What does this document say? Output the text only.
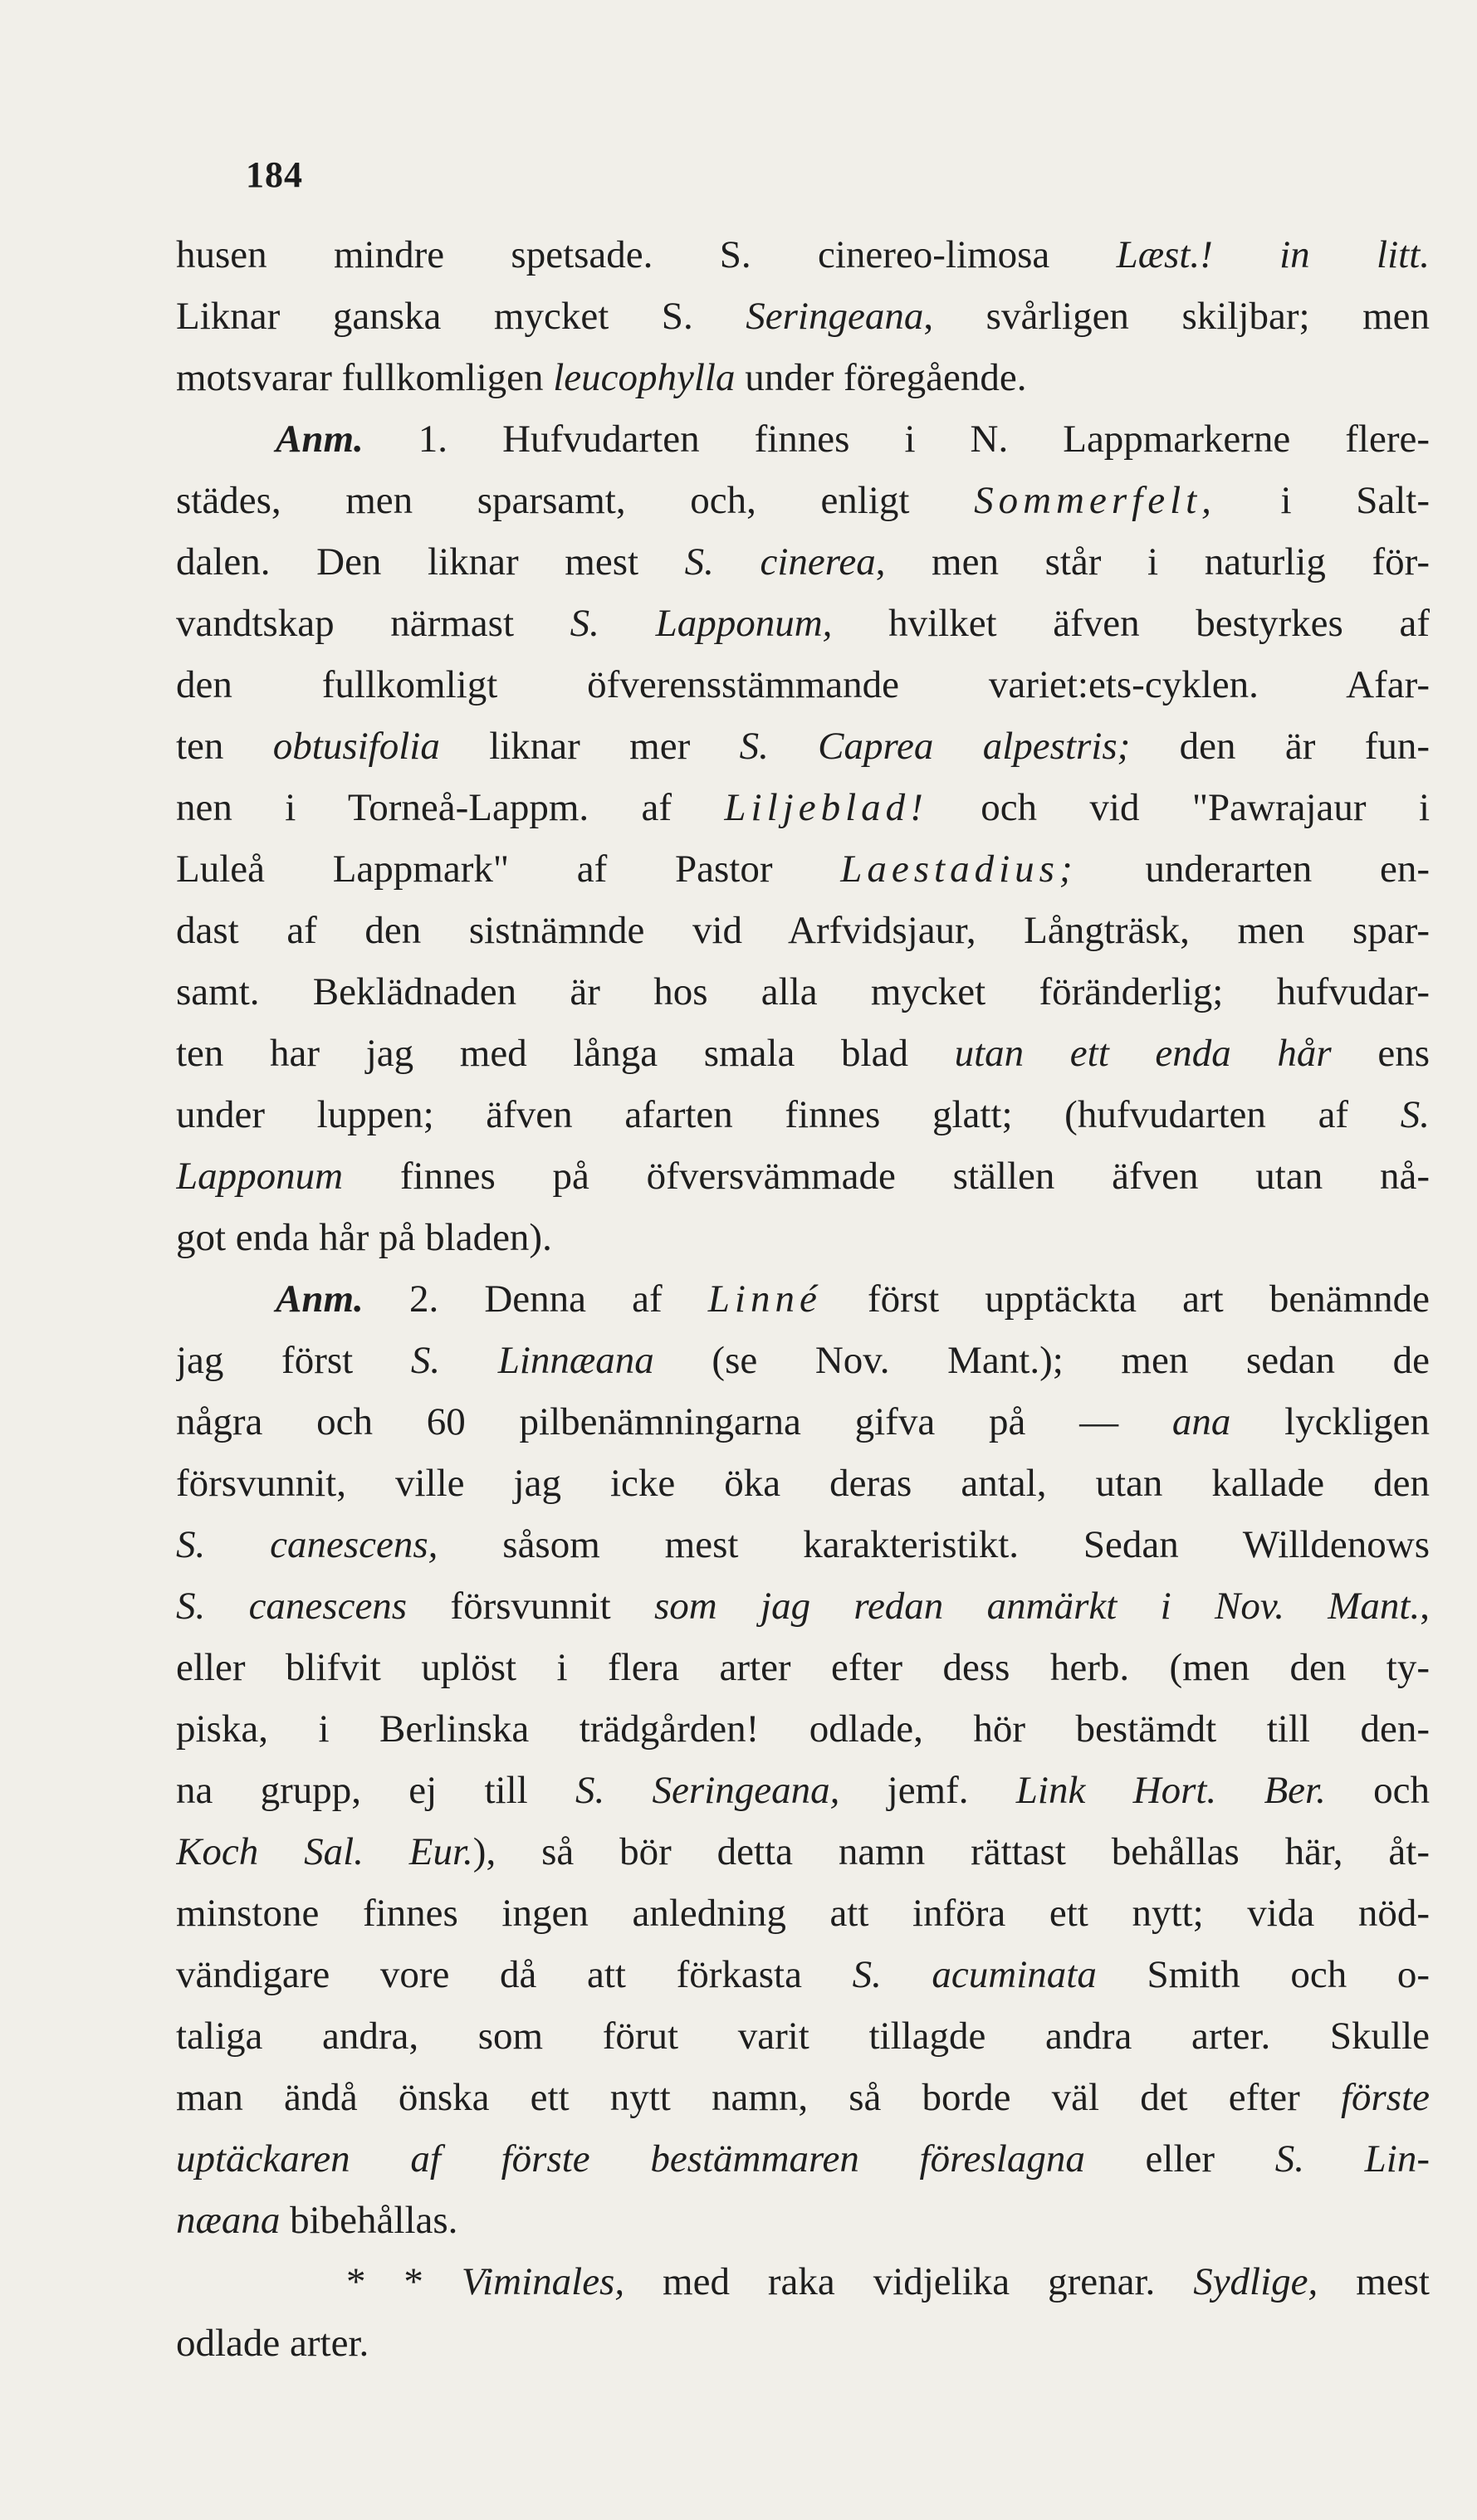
184
husen mindre spetsade. S. cinereo-limosa Læst.! in litt.
Liknar ganska mycket S. Seringeana, svårligen skiljbar; men
motsvarar fullkomligen leucophylla under föregående.
Anm. 1. Hufvudarten finnes i N. Lappmarkerne flere-
städes, men sparsamt, och, enligt Sommerfelt, i Salt-
dalen. Den liknar mest S. cinerea, men står i naturlig för-
vandtskap närmast S. Lapponum, hvilket äfven bestyrkes af
den fullkomligt öfverensstämmande variet:ets-cyklen. Afar-
ten obtusifolia liknar mer S. Caprea alpestris; den är fun-
nen i Torneå-Lappm. af Liljeblad! och vid "Pawrajaur i
Luleå Lappmark" af Pastor Laestadius; underarten en-
dast af den sistnämnde vid Arfvidsjaur, Långträsk, men spar-
samt. Beklädnaden är hos alla mycket föränderlig; hufvudar-
ten har jag med långa smala blad utan ett enda hår ens
under luppen; äfven afarten finnes glatt; (hufvudarten af S.
Lapponum finnes på öfversvämmade ställen äfven utan nå-
got enda hår på bladen).
Anm. 2. Denna af Linné först upptäckta art benämnde
jag först S. Linnæana (se Nov. Mant.); men sedan de
några och 60 pilbenämningarna gifva på — ana lyckligen
försvunnit, ville jag icke öka deras antal, utan kallade den
S. canescens, såsom mest karakteristikt. Sedan Willdenows
S. canescens försvunnit som jag redan anmärkt i Nov. Mant.,
eller blifvit uplöst i flera arter efter dess herb. (men den ty-
piska, i Berlinska trädgården! odlade, hör bestämdt till den-
na grupp, ej till S. Seringeana, jemf. Link Hort. Ber. och
Koch Sal. Eur.), så bör detta namn rättast behållas här, åt-
minstone finnes ingen anledning att införa ett nytt; vida nöd-
vändigare vore då att förkasta S. acuminata Smith och o-
taliga andra, som förut varit tillagde andra arter. Skulle
man ändå önska ett nytt namn, så borde väl det efter förste
uptäckaren af förste bestämmaren föreslagna eller S. Lin-
næana bibehållas.
* * Viminales, med raka vidjelika grenar. Sydlige, mest
odlade arter.
